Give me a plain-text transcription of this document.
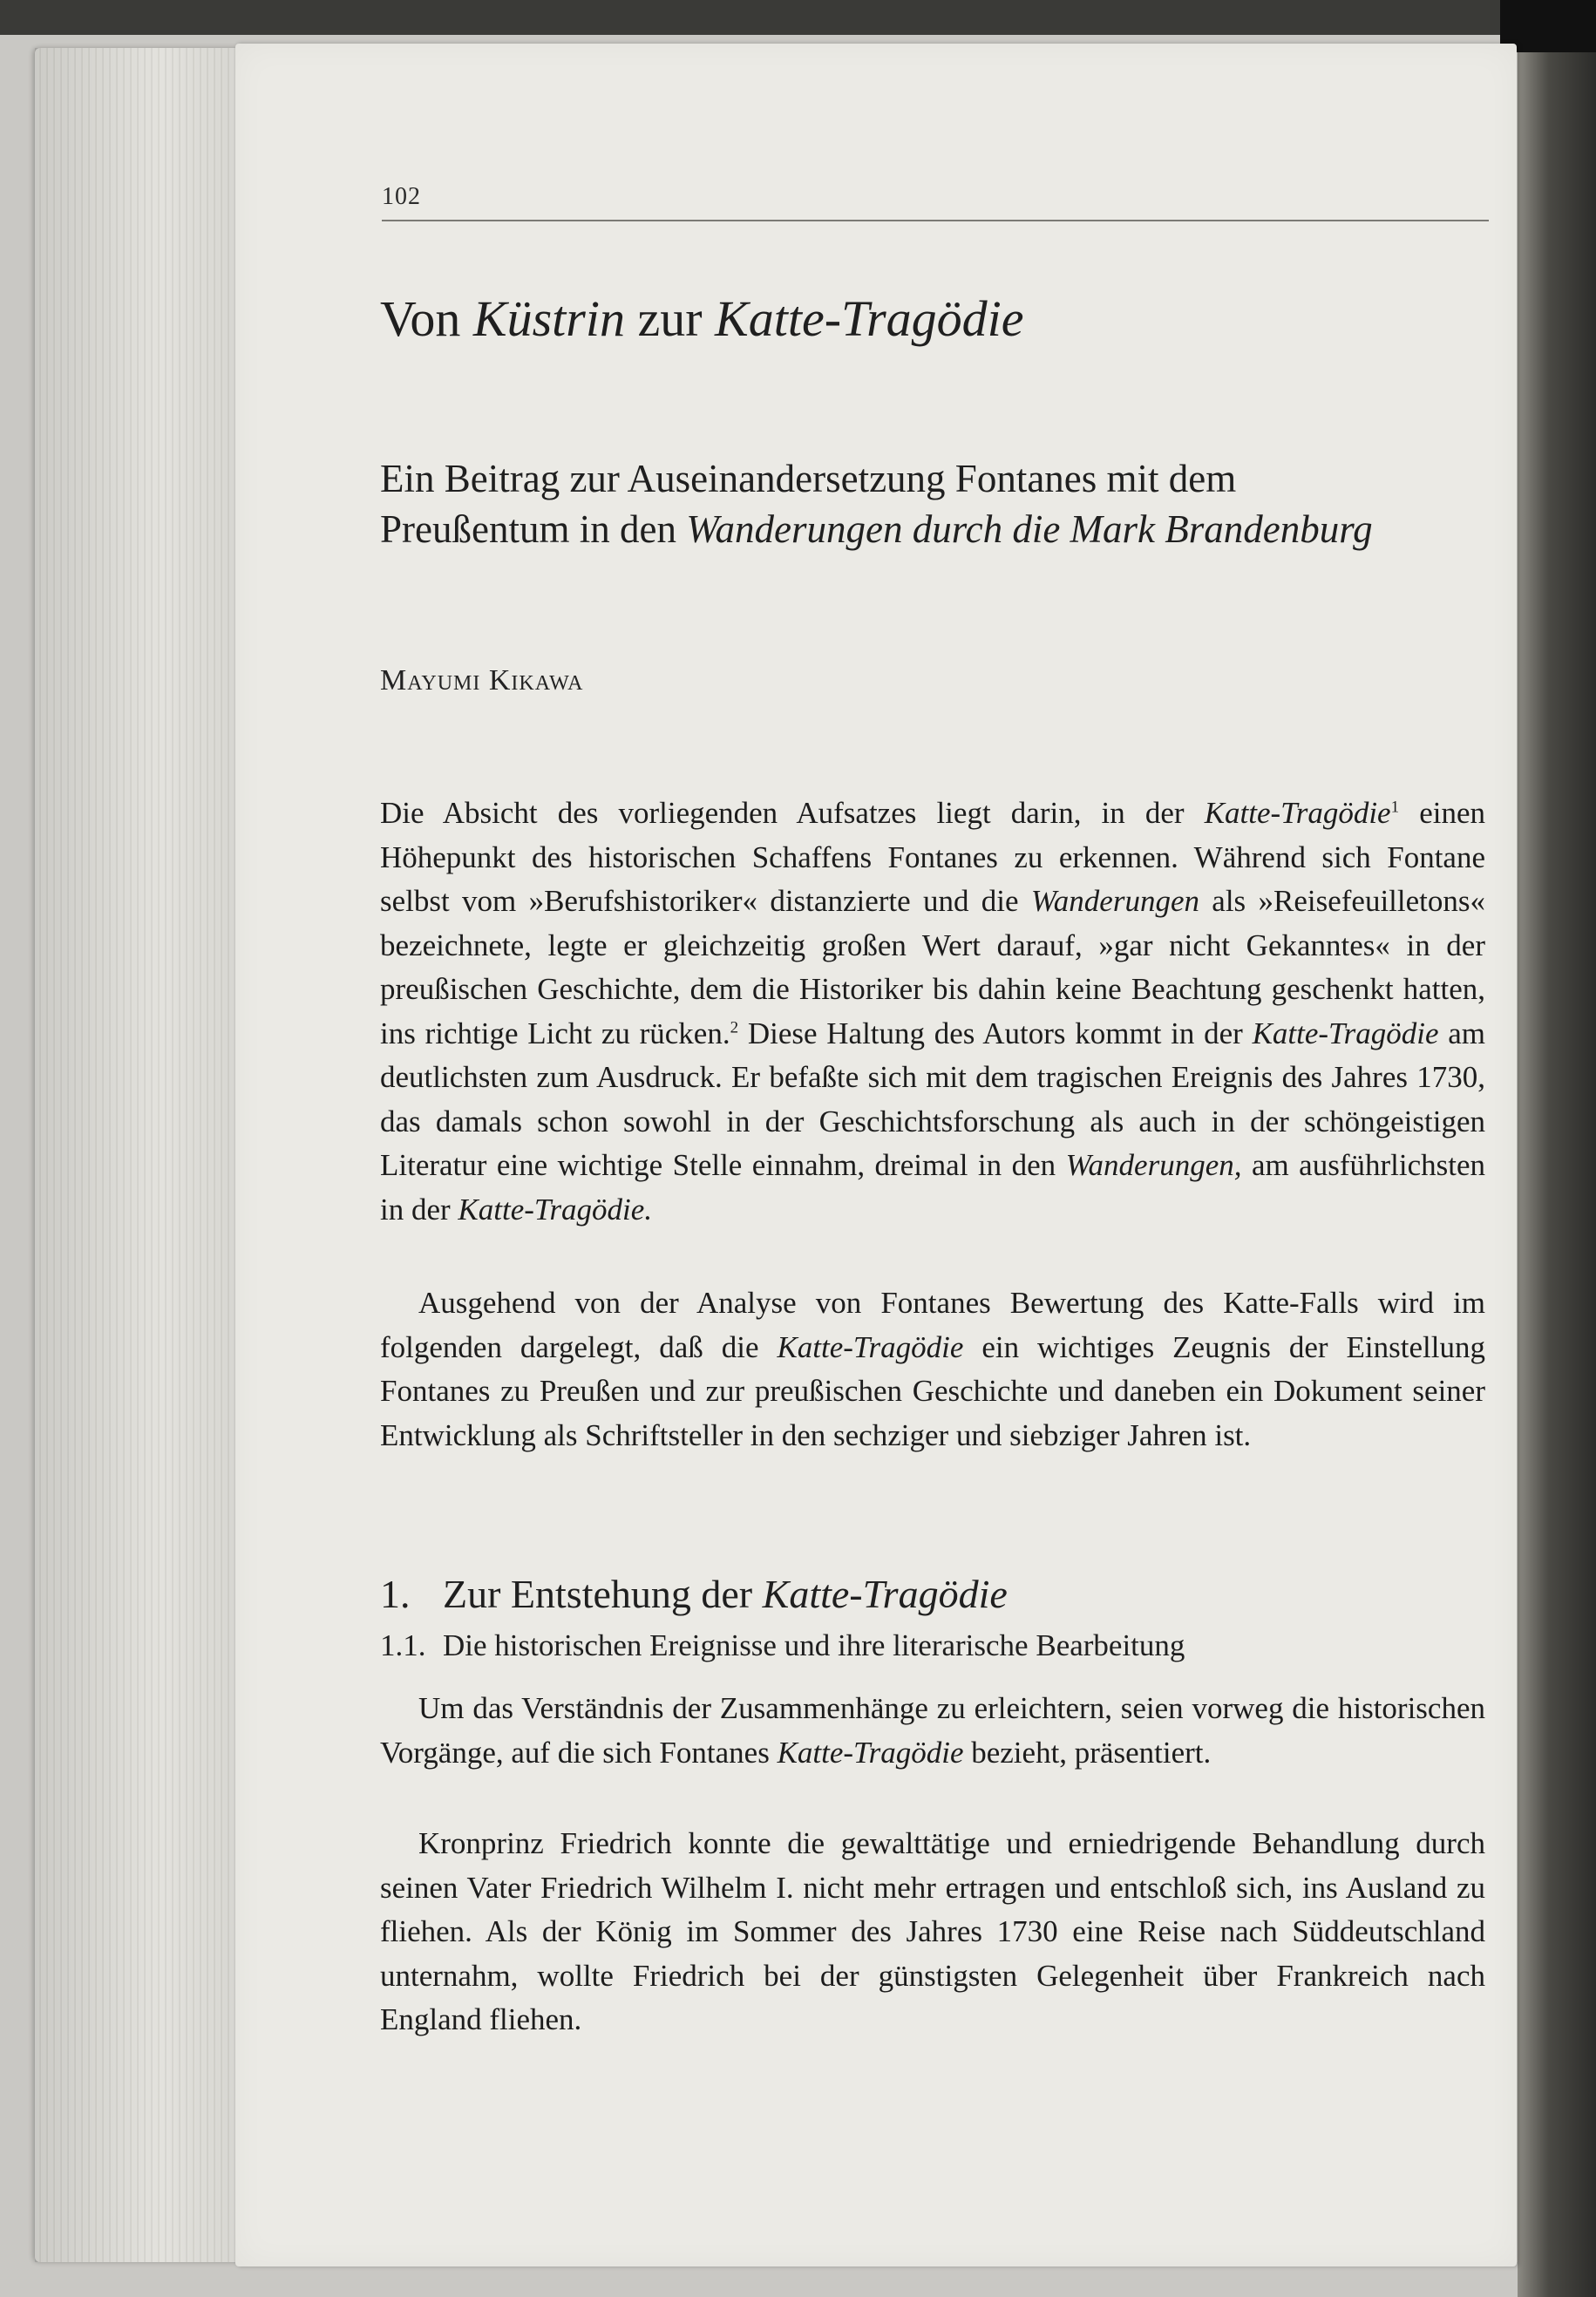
102
Von Küstrin zur Katte-Tragödie
Ein Beitrag zur Auseinandersetzung Fontanes mit dem Preußentum in den Wanderungen durch die Mark Brandenburg
Mayumi Kikawa

Die Absicht des vorliegenden Aufsatzes liegt darin, in der Katte-Tragödie$^1$ einen Höhepunkt des historischen Schaffens Fontanes zu erkennen. Während sich Fontane selbst vom »Berufshistoriker« distanzierte und die Wanderungen als »Reisefeuilletons« bezeichnete, legte er gleichzeitig großen Wert darauf, »gar nicht Gekanntes« in der preußischen Geschichte, dem die Historiker bis dahin keine Beachtung geschenkt hatten, ins richtige Licht zu rücken.$^2$ Diese Haltung des Autors kommt in der Katte-Tragödie am deutlichsten zum Ausdruck. Er befaßte sich mit dem tragischen Ereignis des Jahres 1730, das damals schon sowohl in der Geschichtsforschung als auch in der schöngeistigen Literatur eine wichtige Stelle einnahm, dreimal in den Wanderungen, am ausführlichsten in der Katte-Tragödie.

Ausgehend von der Analyse von Fontanes Bewertung des Katte-Falls wird im folgenden dargelegt, daß die Katte-Tragödie ein wichtiges Zeugnis der Einstellung Fontanes zu Preußen und zur preußischen Geschichte und daneben ein Dokument seiner Entwicklung als Schriftsteller in den sechziger und siebziger Jahren ist.

1. Zur Entstehung der Katte-Tragödie
1.1. Die historischen Ereignisse und ihre literarische Bearbeitung

Um das Verständnis der Zusammenhänge zu erleichtern, seien vorweg die historischen Vorgänge, auf die sich Fontanes Katte-Tragödie bezieht, präsentiert.

Kronprinz Friedrich konnte die gewalttätige und erniedrigende Behandlung durch seinen Vater Friedrich Wilhelm I. nicht mehr ertragen und entschloß sich, ins Ausland zu fliehen. Als der König im Sommer des Jahres 1730 eine Reise nach Süddeutschland unternahm, wollte Friedrich bei der günstigsten Gelegenheit über Frankreich nach England fliehen.
